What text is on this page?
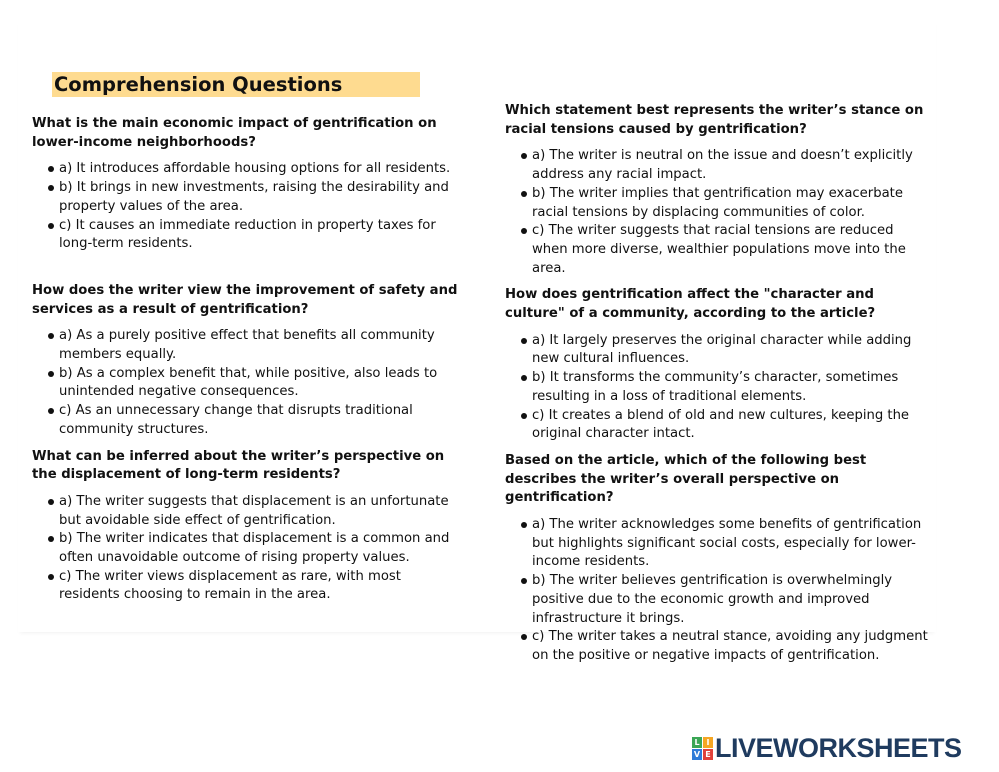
Comprehension Questions

What is the main economic impact of gentrification on lower-income neighborhoods?

a) It introduces affordable housing options for all residents.
b) It brings in new investments, raising the desirability and property values of the area.
c) It causes an immediate reduction in property taxes for long-term residents.

How does the writer view the improvement of safety and services as a result of gentrification?

a) As a purely positive effect that benefits all community members equally.
b) As a complex benefit that, while positive, also leads to unintended negative consequences.
c) As an unnecessary change that disrupts traditional community structures.

What can be inferred about the writer’s perspective on the displacement of long-term residents?

a) The writer suggests that displacement is an unfortunate but avoidable side effect of gentrification.
b) The writer indicates that displacement is a common and often unavoidable outcome of rising property values.
c) The writer views displacement as rare, with most residents choosing to remain in the area.

Which statement best represents the writer’s stance on racial tensions caused by gentrification?

a) The writer is neutral on the issue and doesn’t explicitly address any racial impact.
b) The writer implies that gentrification may exacerbate racial tensions by displacing communities of color.
c) The writer suggests that racial tensions are reduced when more diverse, wealthier populations move into the area.

How does gentrification affect the "character and culture" of a community, according to the article?

a) It largely preserves the original character while adding new cultural influences.
b) It transforms the community’s character, sometimes resulting in a loss of traditional elements.
c) It creates a blend of old and new cultures, keeping the original character intact.

Based on the article, which of the following best describes the writer’s overall perspective on gentrification?

a) The writer acknowledges some benefits of gentrification but highlights significant social costs, especially for lower-income residents.
b) The writer believes gentrification is overwhelmingly positive due to the economic growth and improved infrastructure it brings.
c) The writer takes a neutral stance, avoiding any judgment on the positive or negative impacts of gentrification.
L I
V E LIVEWORKSHEETS
